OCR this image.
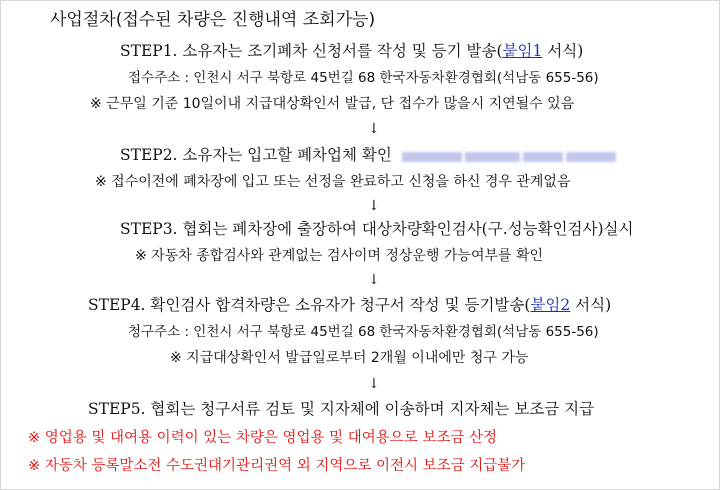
사업절차(접수된 차량은 진행내역 조회가능)
STEP1. 소유자는 조기폐차 신청서를 작성 및 등기 발송(붙임1 서식)
접수주소 : 인천시 서구 북항로 45번길 68 한국자동차환경협회(석남동 655-56)
※ 근무일 기준 10일이내 지급대상확인서 발급, 단 접수가 많을시 지연될수 있음
↓
STEP2. 소유자는 입고할 폐차업체 확인
※ 접수이전에 폐차장에 입고 또는 선정을 완료하고 신청을 하신 경우 관계없음
↓
STEP3. 협회는 폐차장에 출장하여 대상차량확인검사(구.성능확인검사)실시
※ 자동차 종합검사와 관계없는 검사이며 정상운행 가능여부를 확인
↓
STEP4. 확인검사 합격차량은 소유자가 청구서 작성 및 등기발송(붙임2 서식)
청구주소 : 인천시 서구 북항로 45번길 68 한국자동차환경협회(석남동 655-56)
※ 지급대상확인서 발급일로부터 2개월 이내에만 청구 가능
↓
STEP5. 협회는 청구서류 검토 및 지자체에 이송하며 지자체는 보조금 지급
※ 영업용 및 대여용 이력이 있는 차량은 영업용 및 대여용으로 보조금 산정
※ 자동차 등록말소전 수도권대기관리권역 외 지역으로 이전시 보조금 지급불가
